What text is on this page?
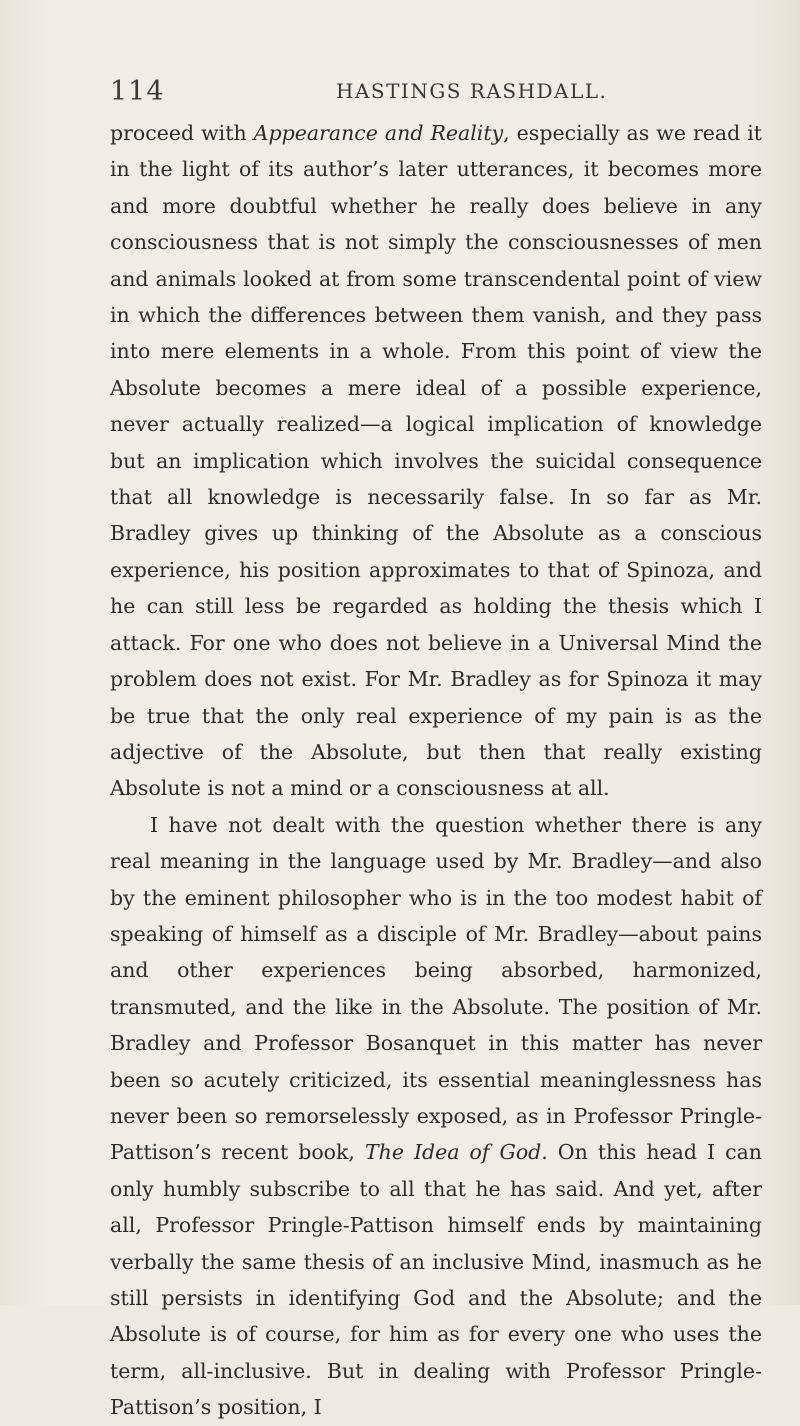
114	HASTINGS RASHDALL.

proceed with Appearance and Reality, especially as we read it in the light of its author’s later utterances, it becomes more and more doubtful whether he really does believe in any consciousness that is not simply the consciousnesses of men and animals looked at from some transcendental point of view in which the differences between them vanish, and they pass into mere elements in a whole. From this point of view the Absolute becomes a mere ideal of a possible experience, never actually realized—a logical implication of knowledge but an implication which involves the suicidal consequence that all knowledge is necessarily false. In so far as Mr. Bradley gives up thinking of the Absolute as a conscious experience, his position approximates to that of Spinoza, and he can still less be regarded as holding the thesis which I attack. For one who does not believe in a Universal Mind the problem does not exist. For Mr. Bradley as for Spinoza it may be true that the only real experience of my pain is as the adjective of the Absolute, but then that really existing Absolute is not a mind or a consciousness at all.

I have not dealt with the question whether there is any real meaning in the language used by Mr. Bradley—and also by the eminent philosopher who is in the too modest habit of speaking of himself as a disciple of Mr. Bradley—about pains and other experiences being absorbed, harmonized, transmuted, and the like in the Absolute. The position of Mr. Bradley and Professor Bosanquet in this matter has never been so acutely criticized, its essential meaninglessness has never been so remorselessly exposed, as in Professor Pringle-Pattison’s recent book, The Idea of God. On this head I can only humbly subscribe to all that he has said. And yet, after all, Professor Pringle-Pattison himself ends by maintaining verbally the same thesis of an inclusive Mind, inasmuch as he still persists in identifying God and the Absolute; and the Absolute is of course, for him as for every one who uses the term, all-inclusive. But in dealing with Professor Pringle-Pattison’s position, I
